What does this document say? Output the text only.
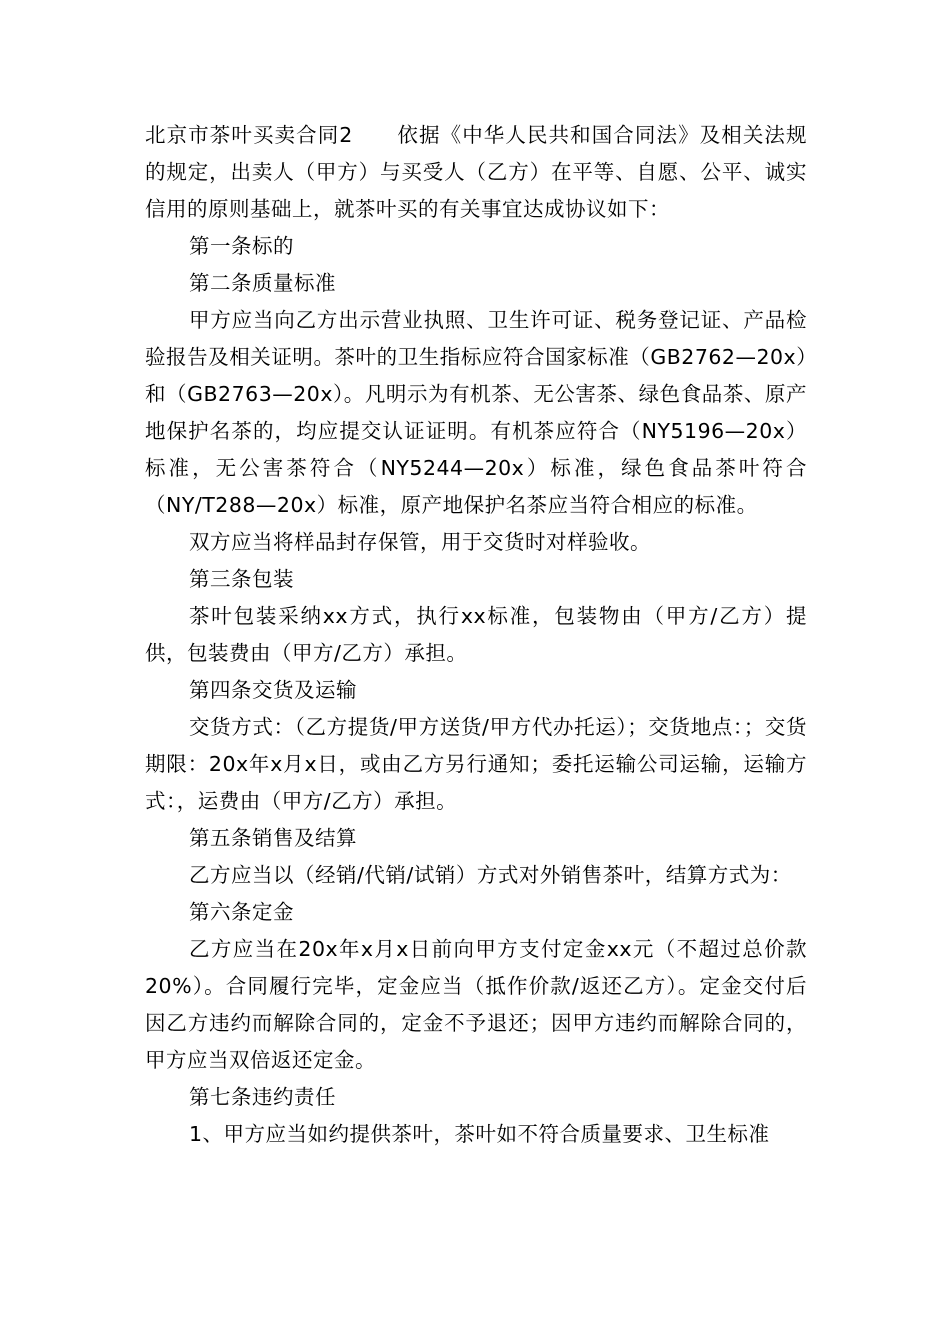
北京市茶叶买卖合同2 依据《中华人民共和国合同法》及相关法规的规定，出卖人（甲方）与买受人（乙方）在平等、自愿、公平、诚实信用的原则基础上，就茶叶买的有关事宜达成协议如下：

第一条标的

第二条质量标准

甲方应当向乙方出示营业执照、卫生许可证、税务登记证、产品检验报告及相关证明。茶叶的卫生指标应符合国家标准（GB2762—20x）和（GB2763—20x）。凡明示为有机茶、无公害茶、绿色食品茶、原产地保护名茶的，均应提交认证证明。有机茶应符合（NY5196—20x）标准，无公害茶符合（NY5244—20x）标准，绿色食品茶叶符合（NY/T288—20x）标准，原产地保护名茶应当符合相应的标准。

双方应当将样品封存保管，用于交货时对样验收。

第三条包装

茶叶包装采纳xx方式，执行xx标准，包装物由（甲方/乙方）提供，包装费由（甲方/乙方）承担。

第四条交货及运输

交货方式：（乙方提货/甲方送货/甲方代办托运）；交货地点：；交货期限：20x年x月x日，或由乙方另行通知；委托运输公司运输，运输方式：，运费由（甲方/乙方）承担。

第五条销售及结算

乙方应当以（经销/代销/试销）方式对外销售茶叶，结算方式为：

第六条定金

乙方应当在20x年x月x日前向甲方支付定金xx元（不超过总价款20%）。合同履行完毕，定金应当（抵作价款/返还乙方）。定金交付后因乙方违约而解除合同的，定金不予退还；因甲方违约而解除合同的，甲方应当双倍返还定金。

第七条违约责任

1、甲方应当如约提供茶叶，茶叶如不符合质量要求、卫生标准
